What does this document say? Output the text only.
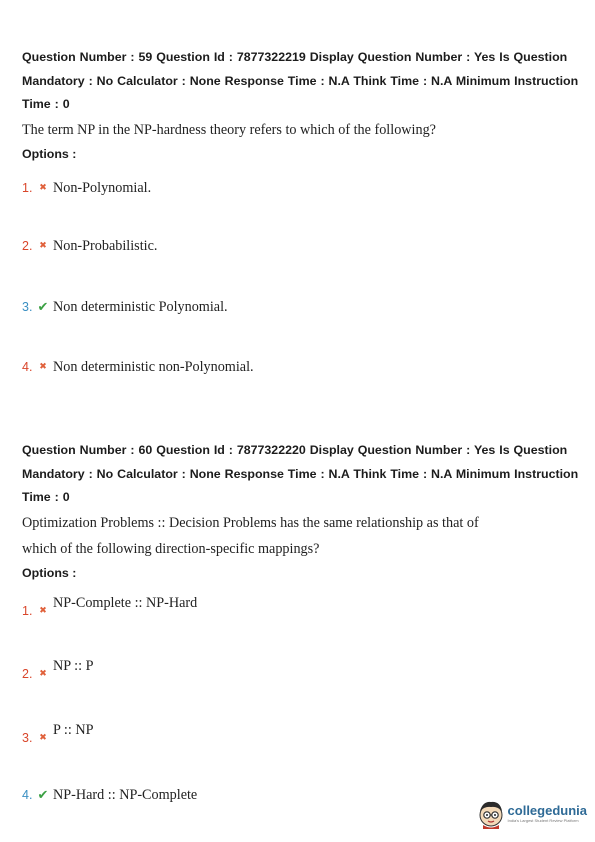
Question Number : 59 Question Id : 7877322219 Display Question Number : Yes Is Question

Mandatory : No Calculator : None Response Time : N.A Think Time : N.A Minimum Instruction

Time : 0

The term NP in the NP-hardness theory refers to which of the following?

Options :

1. ✖ Non-Polynomial.
2. ✖ Non-Probabilistic.
3. ✔ Non deterministic Polynomial.
4. ✖ Non deterministic non-Polynomial.

Question Number : 60 Question Id : 7877322220 Display Question Number : Yes Is Question

Mandatory : No Calculator : None Response Time : N.A Think Time : N.A Minimum Instruction

Time : 0

Optimization Problems :: Decision Problems has the same relationship as that of

which of the following direction-specific mappings?

Options :

1. ✖
NP-Complete :: NP-Hard
2. ✖
NP :: P
3. ✖
P :: NP
4. ✔ NP-Hard :: NP-Complete
collegedunia
India's Largest Student Review Platform
